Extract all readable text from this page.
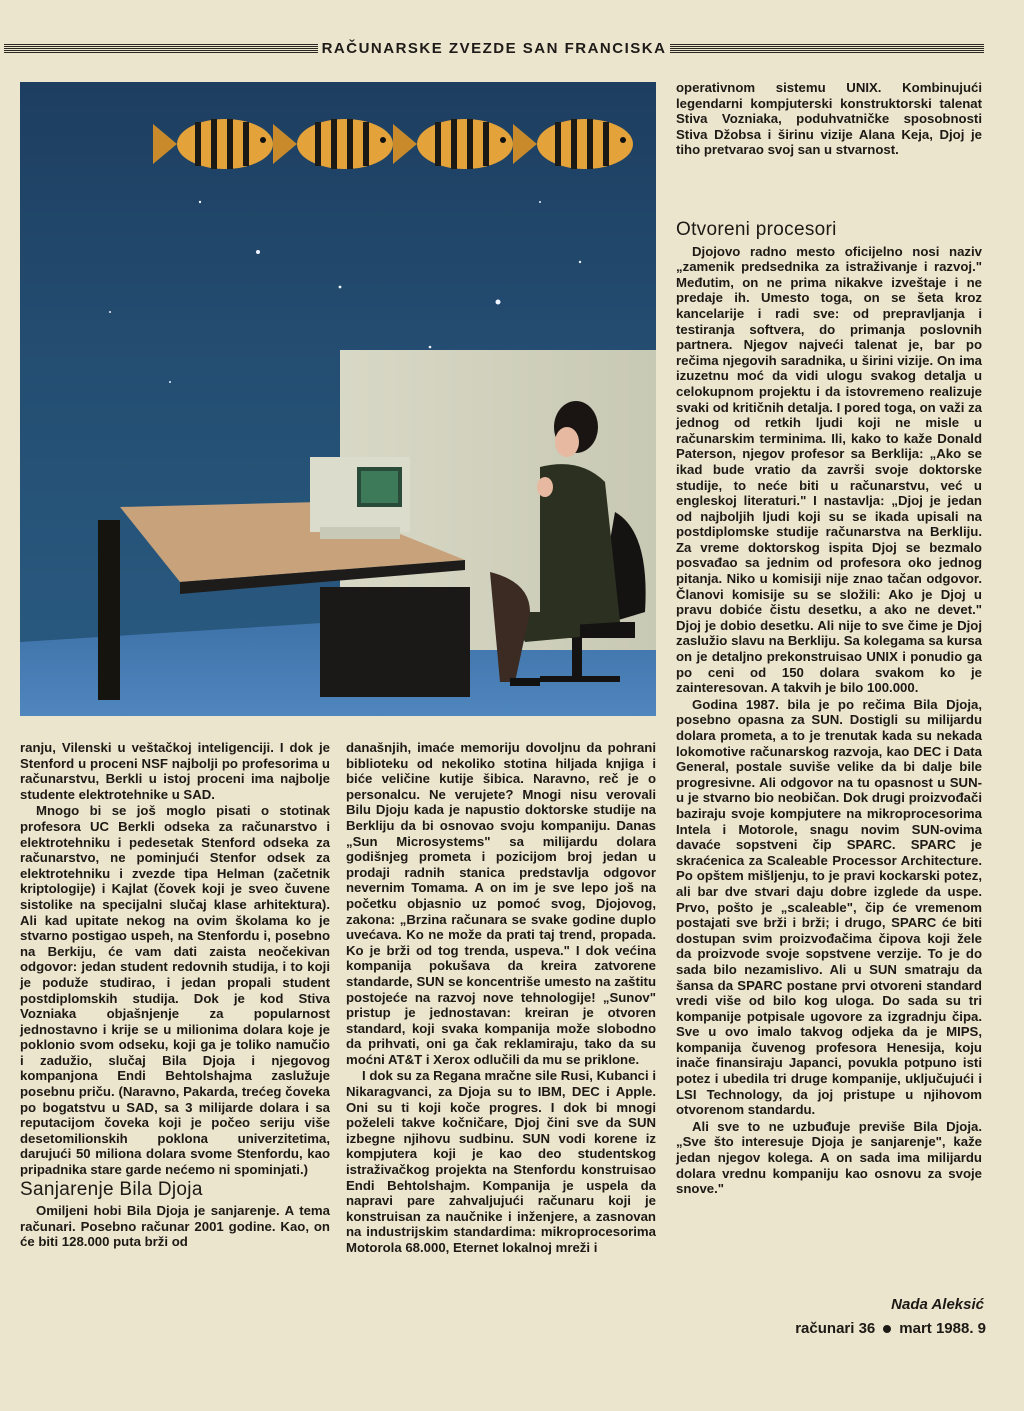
RAČUNARSKE ZVEZDE SAN FRANCISKA

operativnom sistemu UNIX. Kombinujući legendarni kompjuterski konstruktorski talenat Stiva Vozniaka, poduhvatničke sposobnosti Stiva Džobsa i širinu vizije Alana Keja, Djoj je tiho pretvarao svoj san u stvarnost.

Otvoreni procesori

Djojovo radno mesto oficijelno nosi naziv „zamenik predsednika za istraživanje i razvoj." Međutim, on ne prima nikakve izveštaje i ne predaje ih. Umesto toga, on se šeta kroz kancelarije i radi sve: od prepravljanja i testiranja softvera, do primanja poslovnih partnera. Njegov najveći talenat je, bar po rečima njegovih saradnika, u širini vizije. On ima izuzetnu moć da vidi ulogu svakog detalja u celokupnom projektu i da istovremeno realizuje svaki od kritičnih detalja. I pored toga, on važi za jednog od retkih ljudi koji ne misle u računarskim terminima. Ili, kako to kaže Donald Paterson, njegov profesor sa Berklija: „Ako se ikad bude vratio da završi svoje doktorske studije, to neće biti u računarstvu, već u engleskoj literaturi." I nastavlja: „Djoj je jedan od najboljih ljudi koji su se ikada upisali na postdiplomske studije računarstva na Berkliju. Za vreme doktorskog ispita Djoj se bezmalo posvađao sa jednim od profesora oko jednog pitanja. Niko u komisiji nije znao tačan odgovor. Članovi komisije su se složili: Ako je Djoj u pravu dobiće čistu desetku, a ako ne devet." Djoj je dobio desetku. Ali nije to sve čime je Djoj zaslužio slavu na Berkliju. Sa kolegama sa kursa on je detaljno prekonstruisao UNIX i ponudio ga po ceni od 150 dolara svakom ko je zainteresovan. A takvih je bilo 100.000.

Godina 1987. bila je po rečima Bila Djoja, posebno opasna za SUN. Dostigli su milijardu dolara prometa, a to je trenutak kada su nekada lokomotive računarskog razvoja, kao DEC i Data General, postale suviše velike da bi dalje bile progresivne. Ali odgovor na tu opasnost u SUN-u je stvarno bio neobičan. Dok drugi proizvođači baziraju svoje kompjutere na mikroprocesorima Intela i Motorole, snagu novim SUN-ovima davaće sopstveni čip SPARC. SPARC je skraćenica za Scaleable Processor Architecture. Po opštem mišljenju, to je pravi kockarski potez, ali bar dve stvari daju dobre izglede da uspe. Prvo, pošto je „scaleable", čip će vremenom postajati sve brži i brži; i drugo, SPARC će biti dostupan svim proizvođačima čipova koji žele da proizvode svoje sopstvene verzije. To je do sada bilo nezamislivo. Ali u SUN smatraju da šansa da SPARC postane prvi otvoreni standard vredi više od bilo kog uloga. Do sada su tri kompanije potpisale ugovore za izgradnju čipa. Sve u ovo imalo takvog odjeka da je MIPS, kompanija čuvenog profesora Henesija, koju inače finansiraju Japanci, povukla potpuno isti potez i ubedila tri druge kompanije, uključujući i LSI Technology, da joj pristupe u njihovom otvorenom standardu.

Ali sve to ne uzbuđuje previše Bila Djoja. „Sve što interesuje Djoja je sanjarenje", kaže jedan njegov kolega. A on sada ima milijardu dolara vrednu kompaniju kao osnovu za svoje snove."

ranju, Vilenski u veštačkoj inteligenciji. I dok je Stenford u proceni NSF najbolji po profesorima u računarstvu, Berkli u istoj proceni ima najbolje studente elektrotehnike u SAD.

Mnogo bi se još moglo pisati o stotinak profesora UC Berkli odseka za računarstvo i elektrotehniku i pedesetak Stenford odseka za računarstvo, ne pominjući Stenfor odsek za elektrotehniku i zvezde tipa Helman (začetnik kriptologije) i Kajlat (čovek koji je sveo čuvene sistolike na specijalni slučaj klase arhitektura). Ali kad upitate nekog na ovim školama ko je stvarno postigao uspeh, na Stenfordu i, posebno na Berkiju, će vam dati zaista neočekivan odgovor: jedan student redovnih studija, i to koji je poduže studirao, i jedan propali student postdiplomskih studija. Dok je kod Stiva Vozniaka objašnjenje za popularnost jednostavno i krije se u milionima dolara koje je poklonio svom odseku, koji ga je toliko namučio i zadužio, slučaj Bila Djoja i njegovog kompanjona Endi Behtolshajma zaslužuje posebnu priču. (Naravno, Pakarda, trećeg čoveka po bogatstvu u SAD, sa 3 milijarde dolara i sa reputacijom čoveka koji je počeo seriju više desetomilionskih poklona univerzitetima, darujući 50 miliona dolara svome Stenfordu, kao pripadnika stare garde nećemo ni spominjati.)

Sanjarenje Bila Djoja

Omiljeni hobi Bila Djoja je sanjarenje. A tema računari. Posebno računar 2001 godine. Kao, on će biti 128.000 puta brži od

današnjih, imaće memoriju dovoljnu da pohrani biblioteku od nekoliko stotina hiljada knjiga i biće veličine kutije šibica. Naravno, reč je o personalcu. Ne verujete? Mnogi nisu verovali Bilu Djoju kada je napustio doktorske studije na Berkliju da bi osnovao svoju kompaniju. Danas „Sun Microsystems" sa milijardu dolara godišnjeg prometa i pozicijom broj jedan u prodaji radnih stanica predstavlja odgovor nevernim Tomama. A on im je sve lepo još na početku objasnio uz pomoć svog, Djojovog, zakona: „Brzina računara se svake godine duplo uvećava. Ko ne može da prati taj trend, propada. Ko je brži od tog trenda, uspeva." I dok većina kompanija pokušava da kreira zatvorene standarde, SUN se koncentriše umesto na zaštitu postojeće na razvoj nove tehnologije! „Sunov" pristup je jednostavan: kreiran je otvoren standard, koji svaka kompanija može slobodno da prihvati, oni ga čak reklamiraju, tako da su moćni AT&T i Xerox odlučili da mu se priklone.

I dok su za Regana mračne sile Rusi, Kubanci i Nikaragvanci, za Djoja su to IBM, DEC i Apple. Oni su ti koji koče progres. I dok bi mnogi poželeli takve kočničare, Djoj čini sve da SUN izbegne njihovu sudbinu. SUN vodi korene iz kompjutera koji je kao deo studentskog istraživačkog projekta na Stenfordu konstruisao Endi Behtolshajm. Kompanija je uspela da napravi pare zahvaljujući računaru koji je konstruisan za naučnike i inženjere, a zasnovan na industrijskim standardima: mikroprocesorima Motorola 68.000, Eternet lokalnoj mreži i

Nada Aleksić
računari 36 mart 1988. 9
